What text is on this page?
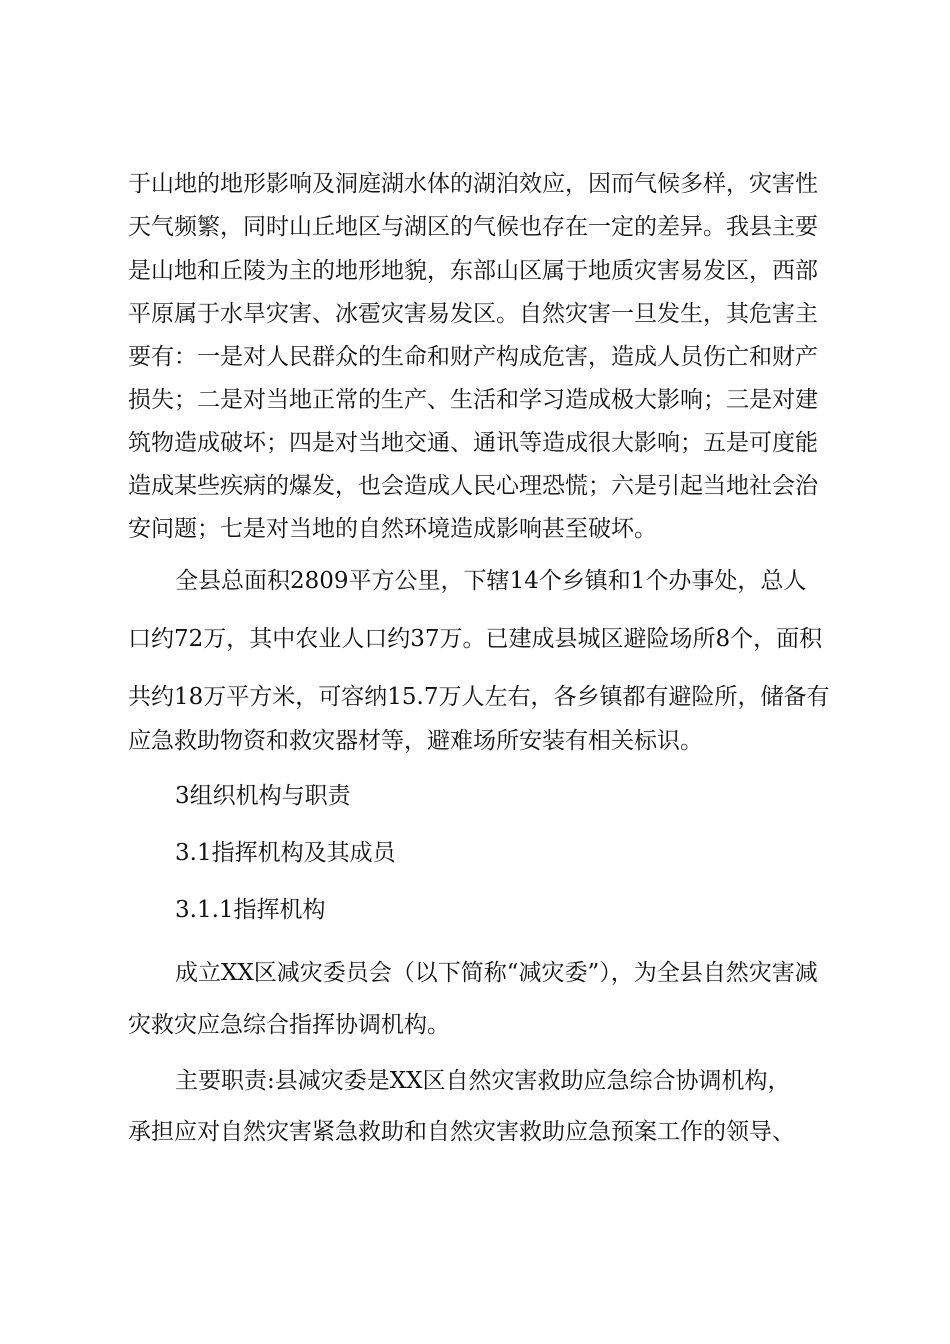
于山地的地形影响及洞庭湖水体的湖泊效应，因而气候多样，灾害性
天气频繁，同时山丘地区与湖区的气候也存在一定的差异。我县主要
是山地和丘陵为主的地形地貌，东部山区属于地质灾害易发区，西部
平原属于水旱灾害、冰雹灾害易发区。自然灾害一旦发生，其危害主
要有：一是对人民群众的生命和财产构成危害，造成人员伤亡和财产
损失；二是对当地正常的生产、生活和学习造成极大影响；三是对建
筑物造成破坏；四是对当地交通、通讯等造成很大影响；五是可度能
造成某些疾病的爆发，也会造成人民心理恐慌；六是引起当地社会治
安问题；七是对当地的自然环境造成影响甚至破坏。
全县总面积2809平方公里，下辖14个乡镇和1个办事处，总人
口约72万，其中农业人口约37万。已建成县城区避险场所8个，面积
共约18万平方米，可容纳15.7万人左右，各乡镇都有避险所，储备有
应急救助物资和救灾器材等，避难场所安装有相关标识。
3组织机构与职责
3.1指挥机构及其成员
3.1.1指挥机构
成立XX区减灾委员会（以下简称“减灾委”），为全县自然灾害减
灾救灾应急综合指挥协调机构。
主要职责:县减灾委是XX区自然灾害救助应急综合协调机构，
承担应对自然灾害紧急救助和自然灾害救助应急预案工作的领导、
